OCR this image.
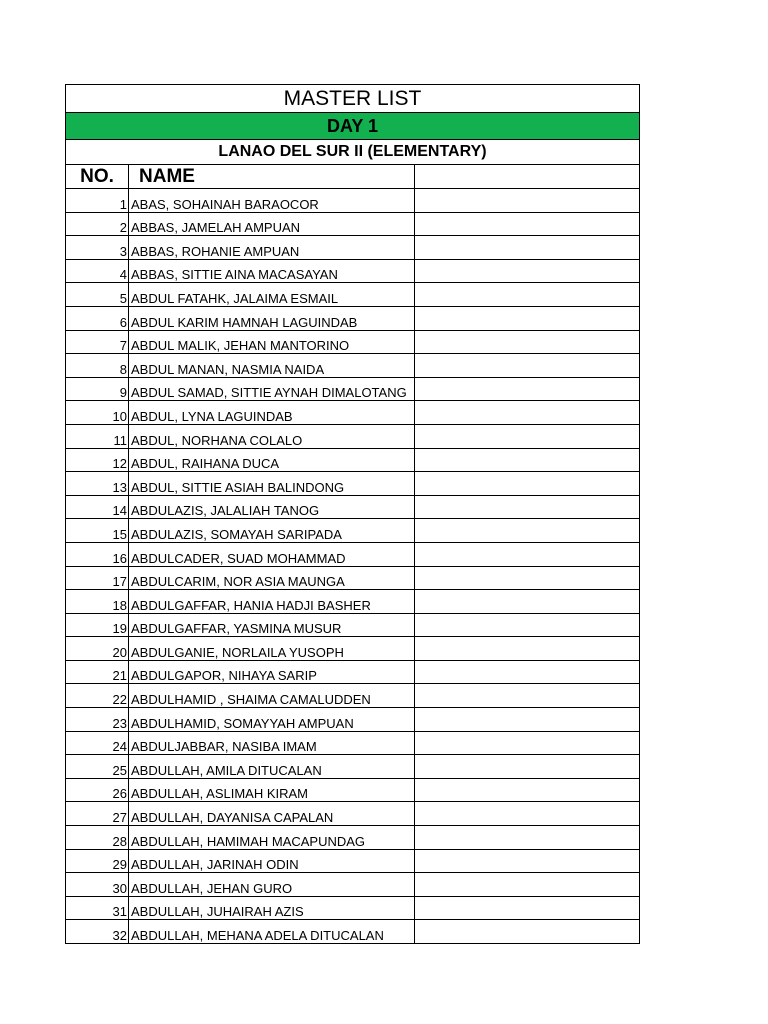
MASTER LIST		
DAY 1		
LANAO DEL SUR II (ELEMENTARY)		
NO.	NAME	
1	ABAS, SOHAINAH BARAOCOR	
2	ABBAS, JAMELAH AMPUAN	
3	ABBAS, ROHANIE AMPUAN	
4	ABBAS, SITTIE AINA MACASAYAN	
5	ABDUL FATAHK, JALAIMA ESMAIL	
6	ABDUL KARIM HAMNAH LAGUINDAB	
7	ABDUL MALIK, JEHAN MANTORINO	
8	ABDUL MANAN, NASMIA NAIDA	
9	ABDUL SAMAD, SITTIE AYNAH DIMALOTANG	
10	ABDUL, LYNA LAGUINDAB	
11	ABDUL, NORHANA COLALO	
12	ABDUL, RAIHANA DUCA	
13	ABDUL, SITTIE ASIAH BALINDONG	
14	ABDULAZIS, JALALIAH TANOG	
15	ABDULAZIS, SOMAYAH SARIPADA	
16	ABDULCADER, SUAD MOHAMMAD	
17	ABDULCARIM, NOR ASIA MAUNGA	
18	ABDULGAFFAR, HANIA HADJI BASHER	
19	ABDULGAFFAR, YASMINA MUSUR	
20	ABDULGANIE, NORLAILA YUSOPH	
21	ABDULGAPOR, NIHAYA SARIP	
22	ABDULHAMID , SHAIMA CAMALUDDEN	
23	ABDULHAMID, SOMAYYAH AMPUAN	
24	ABDULJABBAR, NASIBA IMAM	
25	ABDULLAH, AMILA DITUCALAN	
26	ABDULLAH, ASLIMAH KIRAM	
27	ABDULLAH, DAYANISA CAPALAN	
28	ABDULLAH, HAMIMAH MACAPUNDAG	
29	ABDULLAH, JARINAH ODIN	
30	ABDULLAH, JEHAN GURO	
31	ABDULLAH, JUHAIRAH AZIS	
32	ABDULLAH, MEHANA ADELA DITUCALAN	
